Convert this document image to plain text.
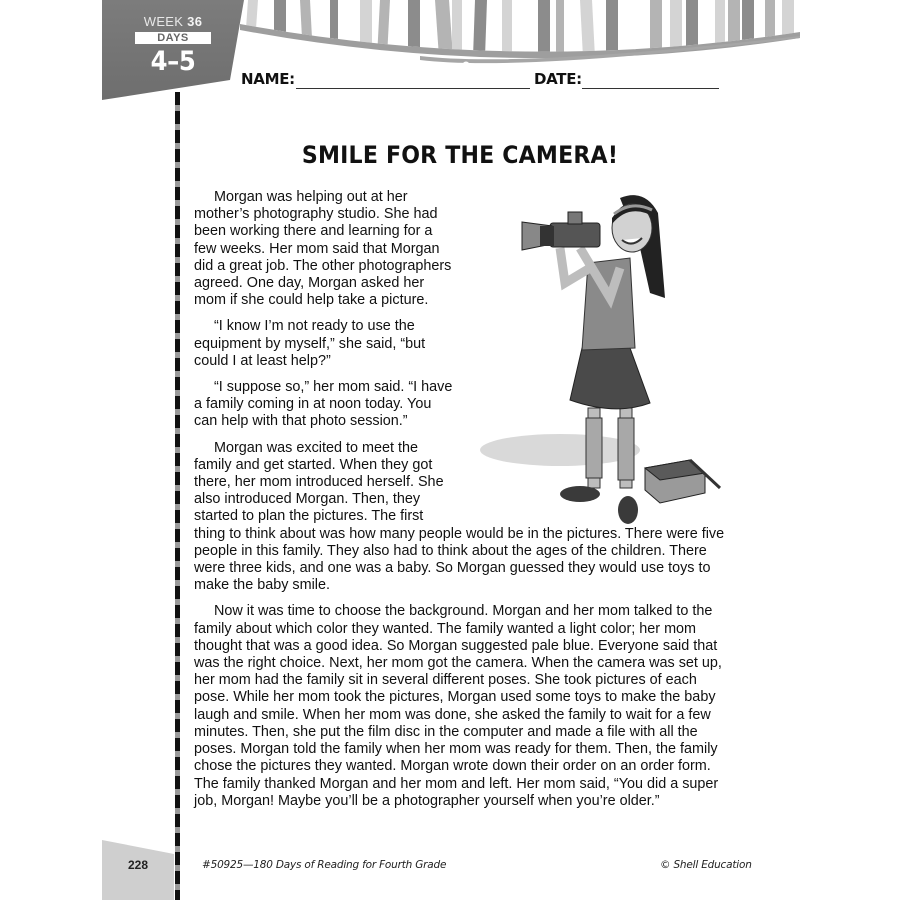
WEEK 36
DAYS
4–5
NAME:	DATE:
SMILE FOR THE CAMERA!

Morgan was helping out at her mother’s photography studio. She had been working there and learning for a few weeks. Her mom said that Morgan did a great job. The other photographers agreed. One day, Morgan asked her mom if she could help take a picture.

“I know I’m not ready to use the equipment by myself,” she said, “but could I at least help?”

“I suppose so,” her mom said. “I have a family coming in at noon today. You can help with that photo session.”

Morgan was excited to meet the family and get started. When they got there, her mom introduced herself. She also introduced Morgan. Then, they started to plan the pictures. The first thing to think about was how many people would be in the pictures. There were five people in this family. They also had to think about the ages of the children. There were three kids, and one was a baby. So Morgan guessed they would use toys to make the baby smile.

Now it was time to choose the background. Morgan and her mom talked to the family about which color they wanted. The family wanted a light color; her mom thought that was a good idea. So Morgan suggested pale blue. Everyone said that was the right choice. Next, her mom got the camera. When the camera was set up, her mom had the family sit in several different poses. She took pictures of each pose. While her mom took the pictures, Morgan used some toys to make the baby laugh and smile. When her mom was done, she asked the family to wait for a few minutes. Then, she put the film disc in the computer and made a file with all the poses. Morgan told the family when her mom was ready for them. Then, the family chose the pictures they wanted. Morgan wrote down their order on an order form. The family thanked Morgan and her mom and left. Her mom said, “You did a super job, Morgan! Maybe you’ll be a photographer yourself when you’re older.”

228	#50925—180 Days of Reading for Fourth Grade	© Shell Education
